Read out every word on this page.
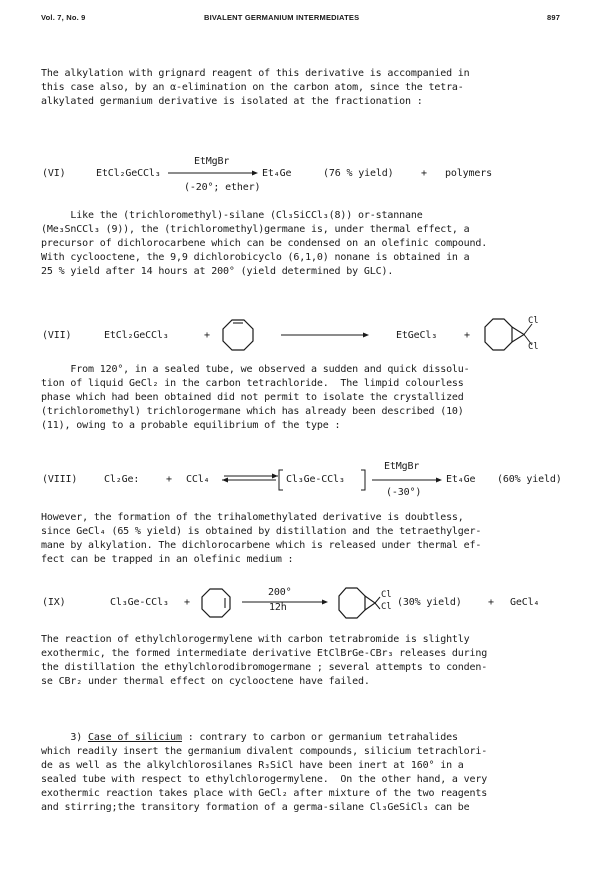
Vol. 7, No. 9	BIVALENT GERMANIUM INTERMEDIATES	897
The alkylation with grignard reagent of this derivative is accompanied in
this case also, by an α-elimination on the carbon atom, since the tetra-
alkylated germanium derivative is isolated at the fractionation :
(VI)	EtCl₂GeCCl₃
EtMgBr
(-20°; ether)
Et₄Ge	(76 % yield)	+ polymers
Like the (trichloromethyl)-silane (Cl₃SiCCl₃(8)) or-stannane
(Me₃SnCCl₃ (9)), the (trichloromethyl)germane is, under thermal effect, a
precursor of dichlorocarbene which can be condensed on an olefinic compound.
With cyclooctene, the 9,9 dichlorobicyclo (6,1,0) nonane is obtained in a
25 % yield after 14 hours at 200° (yield determined by GLC).
(VII)	EtCl₂GeCCl₃	+	EtGeCl₃	+
Cl
Cl
From 120°, in a sealed tube, we observed a sudden and quick dissolu-
tion of liquid GeCl₂ in the carbon tetrachloride.  The limpid colourless
phase which had been obtained did not permit to isolate the crystallized
(trichloromethyl) trichlorogermane which has already been described (10)
(11), owing to a probable equilibrium of the type :
(VIII)	Cl₂Ge:	+ CCl₄ ⇌ Cl₃Ge-CCl₃
EtMgBr
(-30°)
Et₄Ge (60% yield)
However, the formation of the trihalomethylated derivative is doubtless,
since GeCl₄ (65 % yield) is obtained by distillation and the tetraethylger-
mane by alkylation. The dichlorocarbene which is released under thermal ef-
fect can be trapped in an olefinic medium :
(IX)	Cl₃Ge-CCl₃ +
200°
12h
Cl
Cl (30% yield)	+ GeCl₄
The reaction of ethylchlorogermylene with carbon tetrabromide is slightly
exothermic, the formed intermediate derivative EtClBrGe-CBr₃ releases during
the distillation the ethylchlorodibromogermane ; several attempts to conden-
se CBr₂ under thermal effect on cyclooctene have failed.
3) Case of silicium : contrary to carbon or germanium tetrahalides
which readily insert the germanium divalent compounds, silicium tetrachlori-
de as well as the alkylchlorosilanes R₃SiCl have been inert at 160° in a
sealed tube with respect to ethylchlorogermylene.  On the other hand, a very
exothermic reaction takes place with GeCl₂ after mixture of the two reagents
and stirring;the transitory formation of a germa-silane Cl₃GeSiCl₃ can be
